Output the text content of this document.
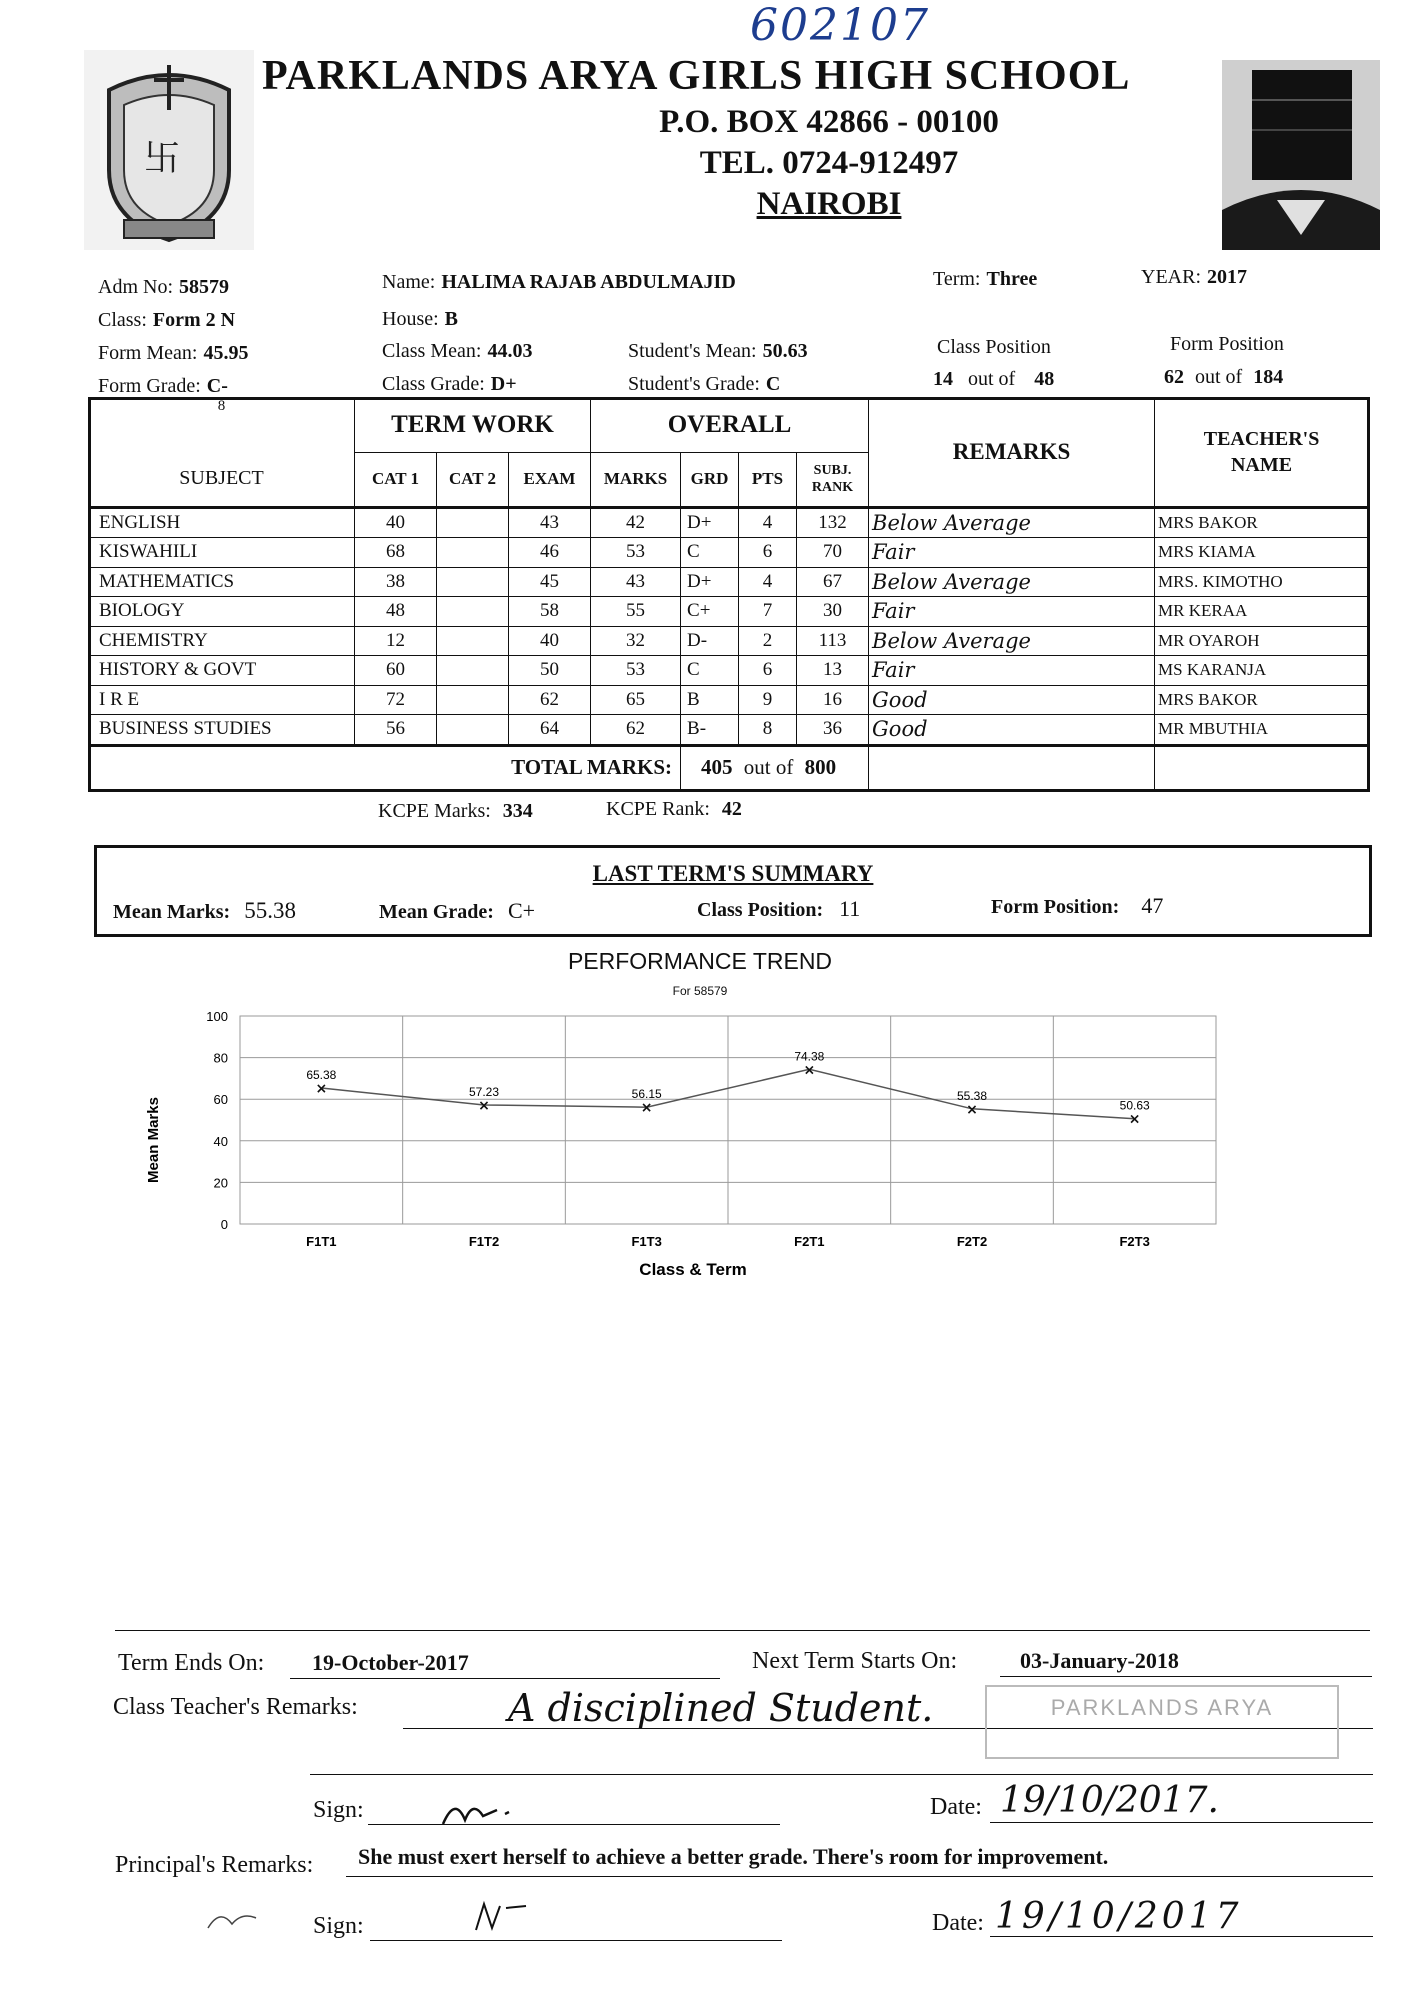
602107
卐
PARKLANDS ARYA GIRLS HIGH SCHOOL
P.O. BOX 42866 - 00100
TEL. 0724-912497
NAIROBI
Adm No: 58579
Class: Form 2 N
Form Mean: 45.95
Form Grade: C-
Name: HALIMA RAJAB ABDULMAJID
House: B
Class Mean: 44.03
Class Grade: D+
Student's Mean: 50.63
Student's Grade: C
Term: Three	YEAR: 2017
Class Position
14 out of 48
Form Position
62 out of 184
8	TERM WORK			OVERALL				REMARKS	TEACHER'S
NAME

SUBJECT	CAT 1	CAT 2	EXAM	MARKS	GRD	PTS	SUBJ.
RANK		

ENGLISH	40		43	42	D+	4	132	Below Average	MRS BAKOR
KISWAHILI	68		46	53	C	6	70	Fair	MRS KIAMA
MATHEMATICS	38		45	43	D+	4	67	Below Average	MRS. KIMOTHO
BIOLOGY	48		58	55	C+	7	30	Fair	MR KERAA
CHEMISTRY	12		40	32	D-	2	113	Below Average	MR OYAROH
HISTORY & GOVT	60		50	53	C	6	13	Fair	MS KARANJA
I R E	72		62	65	B	9	16	Good	MRS BAKOR
BUSINESS STUDIES	56		64	62	B-	8	36	Good	MR MBUTHIA
TOTAL MARKS:					405 out of 800				
KCPE Marks: 334	KCPE Rank: 42
LAST TERM'S SUMMARY
Mean Marks: 55.38	Mean Grade: C+	Class Position: 11	Form Position: 47
PERFORMANCE TREND
For 58579
0
20
40
60
80
100
F1T1	F1T2	F1T3	F2T1	F2T2	F2T3
×
×	×
×
×
×
65.38
57.23	56.15
74.38
55.38
50.63
Class & Term
Mean Marks
Term Ends On: 19-October-2017	Next Term Starts On:	03-January-2018
Class Teacher's Remarks:	A disciplined Student.	PARKLANDS ARYA
Sign:	Date: 19/10/2017.
Principal's Remarks: She must exert herself to achieve a better grade. There's room for improvement.
Sign:	Date: 19/10/2017
